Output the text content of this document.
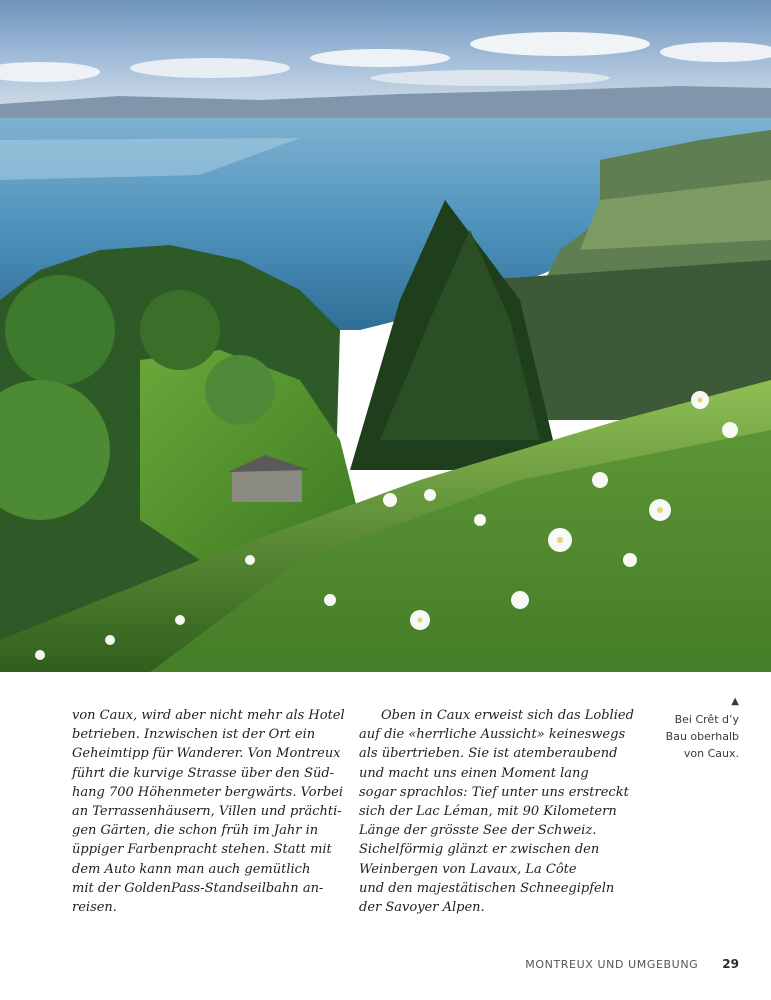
von Caux, wird aber nicht mehr als Hotel
betrieben. Inzwischen ist der Ort ein
Geheimtipp für Wanderer. Von Montreux
führt die kurvige Strasse über den Süd-
hang 700 Höhenmeter bergwärts. Vorbei
an Terrassenhäusern, Villen und prächti-
gen Gärten, die schon früh im Jahr in
üppiger Farbenpracht stehen. Statt mit
dem Auto kann man auch gemütlich
mit der GoldenPass-Standseilbahn an-
reisen.
Oben in Caux erweist sich das Loblied
auf die «herrliche Aussicht» keineswegs
als übertrieben. Sie ist atemberaubend
und macht uns einen Moment lang
sogar sprachlos: Tief unter uns erstreckt
sich der Lac Léman, mit 90 Kilometern
Länge der grösste See der Schweiz.
Sichelförmig glänzt er zwischen den
Weinbergen von Lavaux, La Côte
und den majestätischen Schneegipfeln
der Savoyer Alpen.
▲
Bei Crêt d’y
Bau oberhalb
von Caux.
MONTREUX UND UMGEBUNG 29
